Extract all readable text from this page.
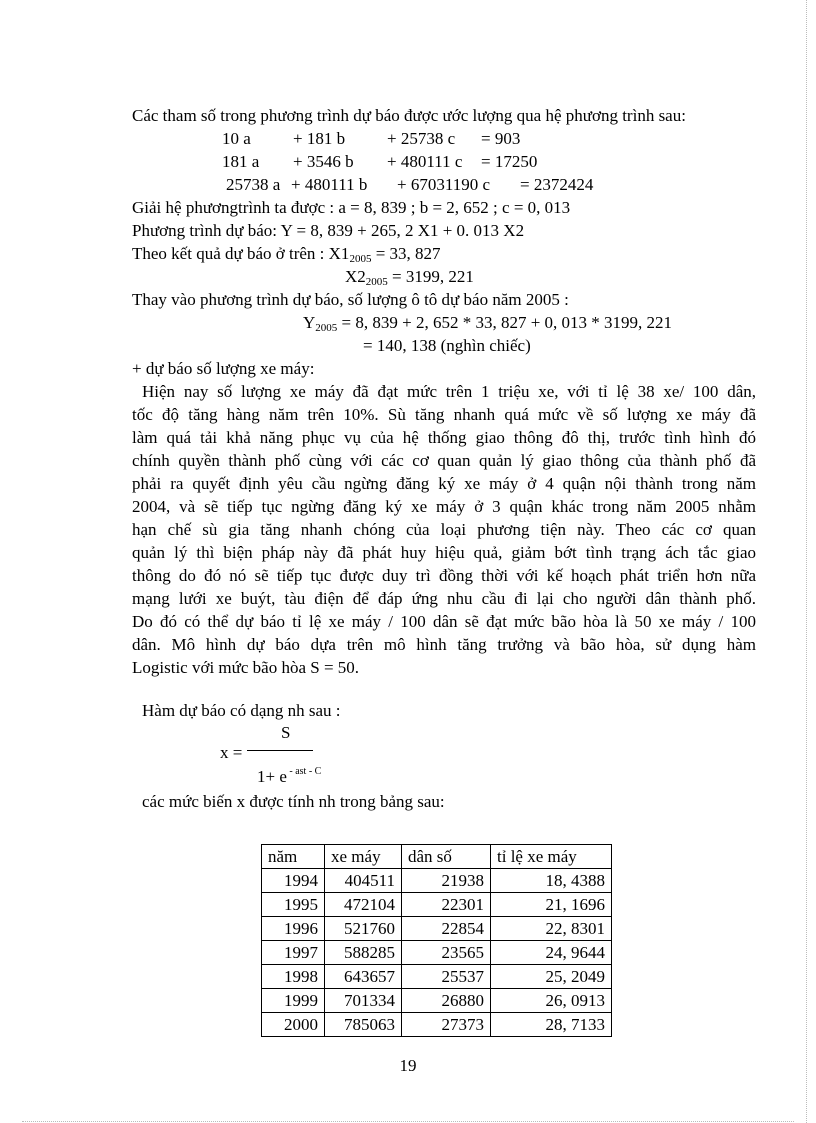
Các tham số trong phương trình dự báo được ước lượng qua hệ phương trình sau:
10 a + 181 b + 25738 c = 903
181 a + 3546 b + 480111 c = 17250
25738 a + 480111 b + 67031190 c = 2372424
Giải hệ phươngtrình ta được : a = 8, 839 ; b = 2, 652 ; c = 0, 013
Phương trình dự báo: Y = 8, 839 + 265, 2 X1 + 0. 013 X2
Theo kết quả dự báo ở trên : $X1_{2005} = 33$, 827
$X2_{2005} = 3199$, 221
Thay vào phương trình dự báo, số lượng ô tô dự báo năm 2005 :
$Y_{2005} = 8$, 839 + 2, 652 * 33, 827 + 0, 013 * 3199, 221
= 140, 138 (nghìn chiếc)
+ dự báo số lượng xe máy:
Hiện nay số lượng xe máy đã đạt mức trên 1 triệu xe, với tỉ lệ 38 xe/ 100 dân,
tốc độ tăng hàng năm trên 10%. Sù tăng nhanh quá mức về số lượng xe máy đã
làm quá tải khả năng phục vụ của hệ thống giao thông đô thị, trước tình hình đó
chính quyền thành phố cùng với các cơ quan quản lý giao thông của thành phố đã
phải ra quyết định yêu cầu ngừng đăng ký xe máy ở 4 quận nội thành trong năm
2004, và sẽ tiếp tục ngừng đăng ký xe máy ở 3 quận khác trong năm 2005 nhằm
hạn chế sù gia tăng nhanh chóng của loại phương tiện này. Theo các cơ quan
quản lý thì biện pháp này đã phát huy hiệu quả, giảm bớt tình trạng ách tắc giao
thông do đó nó sẽ tiếp tục được duy trì đồng thời với kế hoạch phát triển hơn nữa
mạng lưới xe buýt, tàu điện để đáp ứng nhu cầu đi lại cho người dân thành phố.
Do đó có thể dự báo tỉ lệ xe máy / 100 dân sẽ đạt mức bão hòa là 50 xe máy / 100
dân. Mô hình dự báo dựa trên mô hình tăng trưởng và bão hòa, sử dụng hàm
Logistic với mức bão hòa S = 50.
Hàm dự báo có dạng nh sau :
S
x =
1+ e $^{- ast - C}$
các mức biến x được tính nh trong bảng sau:
năm	xe máy	dân số	tỉ lệ xe máy
1994	404511	21938	18, 4388
1995	472104	22301	21, 1696
1996	521760	22854	22, 8301
1997	588285	23565	24, 9644
1998	643657	25537	25, 2049
1999	701334	26880	26, 0913
2000	785063	27373	28, 7133
19
